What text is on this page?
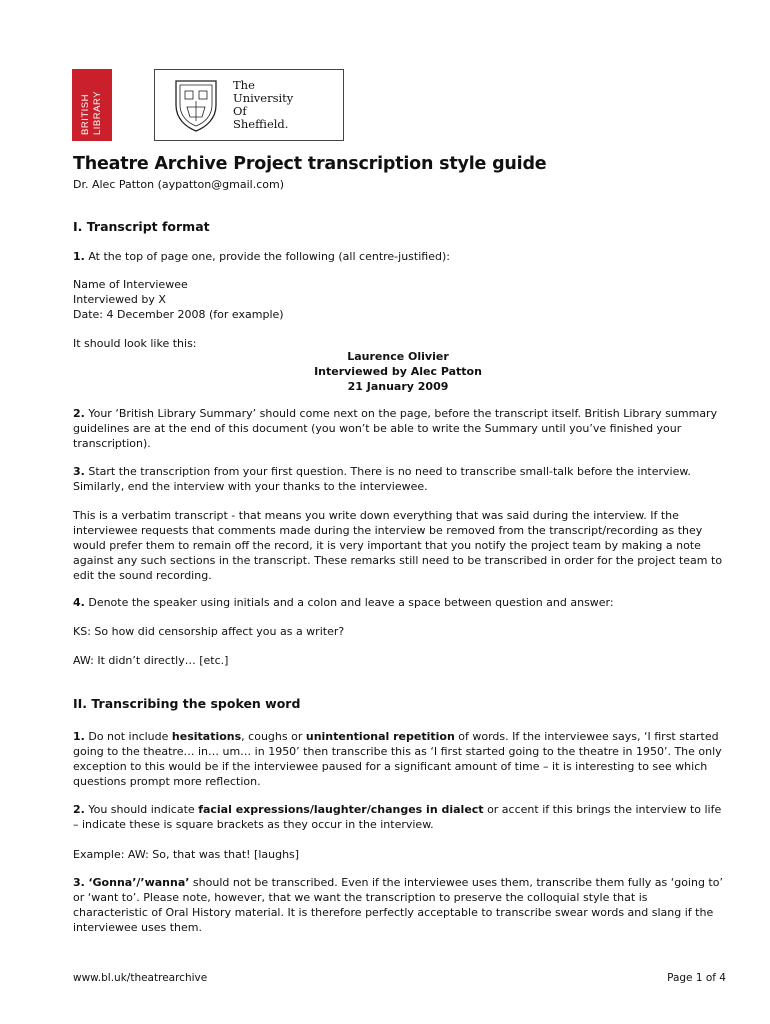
BRITISH LIBRARY
The
University
Of
Sheffield.
Theatre Archive Project transcription style guide
Dr. Alec Patton (aypatton@gmail.com)
I. Transcript format
1. At the top of page one, provide the following (all centre-justified):
Name of Interviewee
Interviewed by X
Date: 4 December 2008 (for example)
It should look like this:
Laurence Olivier
Interviewed by Alec Patton
21 January 2009
2. Your ‘British Library Summary’ should come next on the page, before the transcript itself. British Library summary guidelines are at the end of this document (you won’t be able to write the Summary until you’ve finished your transcription).
3. Start the transcription from your first question. There is no need to transcribe small-talk before the interview. Similarly, end the interview with your thanks to the interviewee.
This is a verbatim transcript - that means you write down everything that was said during the interview. If the interviewee requests that comments made during the interview be removed from the transcript/recording as they would prefer them to remain off the record, it is very important that you notify the project team by making a note against any such sections in the transcript. These remarks still need to be transcribed in order for the project team to edit the sound recording.
4. Denote the speaker using initials and a colon and leave a space between question and answer:
KS: So how did censorship affect you as a writer?
AW: It didn’t directly… [etc.]
II. Transcribing the spoken word
1. Do not include hesitations, coughs or unintentional repetition of words. If the interviewee says, ‘I first started going to the theatre… in… um… in 1950’ then transcribe this as ‘I first started going to the theatre in 1950’. The only exception to this would be if the interviewee paused for a significant amount of time – it is interesting to see which questions prompt more reflection.
2. You should indicate facial expressions/laughter/changes in dialect or accent if this brings the interview to life – indicate these is square brackets as they occur in the interview.
Example: AW: So, that was that! [laughs]
3. ‘Gonna’/’wanna’ should not be transcribed. Even if the interviewee uses them, transcribe them fully as ‘going to’ or ‘want to’. Please note, however, that we want the transcription to preserve the colloquial style that is characteristic of Oral History material. It is therefore perfectly acceptable to transcribe swear words and slang if the interviewee uses them.
www.bl.uk/theatrearchive	Page 1 of 4
